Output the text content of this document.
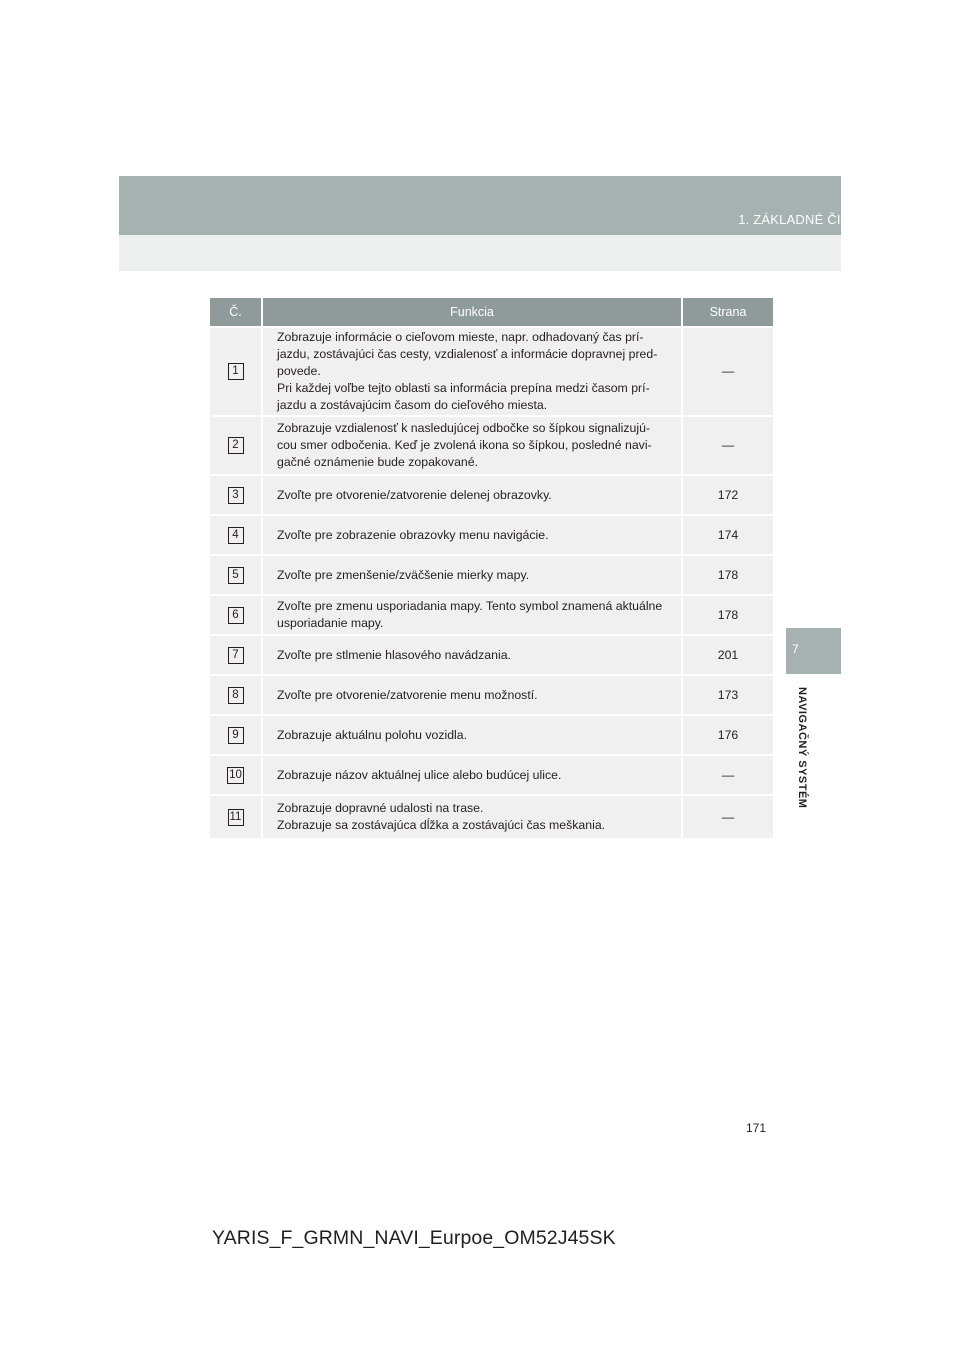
1. ZÁKLADNÉ ČINNOSTI
7
NAVIGAČNÝ SYSTÉM
Č.	Funkcia	Strana
1	Zobrazuje informácie o cieľovom mieste, napr. odhadovaný čas prí-
jazdu, zostávajúci čas cesty, vzdialenosť a informácie dopravnej pred-
povede.
Pri každej voľbe tejto oblasti sa informácia prepína medzi časom prí-
jazdu a zostávajúcim časom do cieľového miesta.	—
2	Zobrazuje vzdialenosť k nasledujúcej odbočke so šípkou signalizujú-
cou smer odbočenia. Keď je zvolená ikona so šípkou, posledné navi-
gačné oznámenie bude zopakované.	—
3	Zvoľte pre otvorenie/zatvorenie delenej obrazovky.	172
4	Zvoľte pre zobrazenie obrazovky menu navigácie.	174
5	Zvoľte pre zmenšenie/zväčšenie mierky mapy.	178
6	Zvoľte pre zmenu usporiadania mapy. Tento symbol znamená aktuálne
usporiadanie mapy.	178
7	Zvoľte pre stlmenie hlasového navádzania.	201
8	Zvoľte pre otvorenie/zatvorenie menu možností.	173
9	Zobrazuje aktuálnu polohu vozidla.	176
10	Zobrazuje názov aktuálnej ulice alebo budúcej ulice.	—
11	Zobrazuje dopravné udalosti na trase.
Zobrazuje sa zostávajúca dĺžka a zostávajúci čas meškania.	—
171
YARIS_F_GRMN_NAVI_Eurpoe_OM52J45SK
